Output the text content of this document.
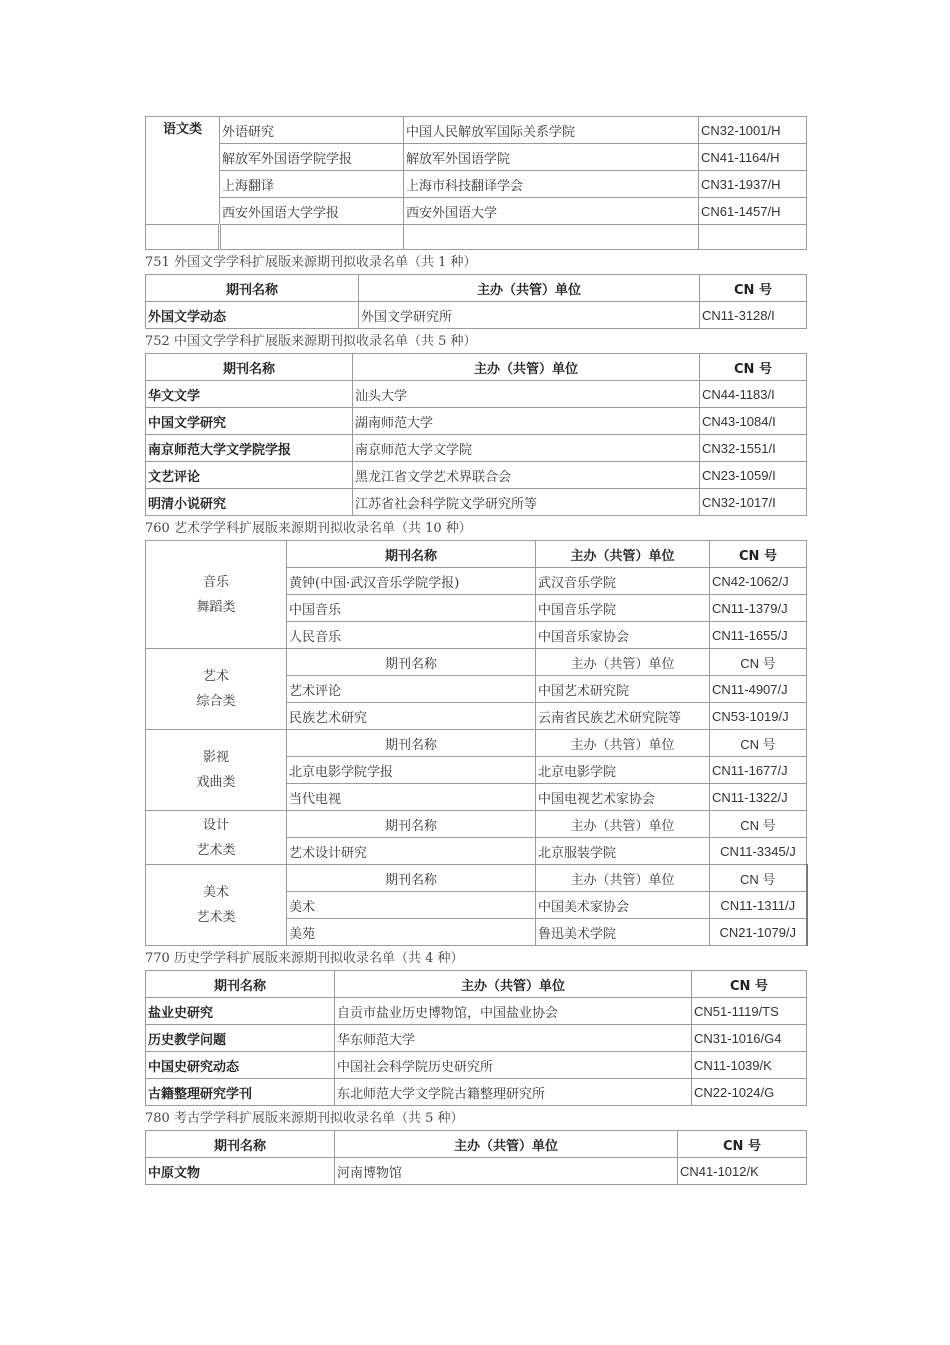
语文类	外语研究	中国人民解放军国际关系学院	CN32-1001/H
	解放军外国语学院学报	解放军外国语学院	CN41-1164/H
	上海翻译	上海市科技翻译学会	CN31-1937/H
	西安外国语大学学报	西安外国语大学	CN61-1457/H

751 外国文学学科扩展版来源期刊拟收录名单（共 1 种）
期刊名称	主办（共管）单位	CN 号
外国文学动态	外国文学研究所	CN11-3128/I
752 中国文学学科扩展版来源期刊拟收录名单（共 5 种）
期刊名称	主办（共管）单位	CN 号
华文文学	汕头大学	CN44-1183/I
中国文学研究	湖南师范大学	CN43-1084/I
南京师范大学文学院学报	南京师范大学文学院	CN32-1551/I
文艺评论	黑龙江省文学艺术界联合会	CN23-1059/I
明清小说研究	江苏省社会科学院文学研究所等	CN32-1017/I
760 艺术学学科扩展版来源期刊拟收录名单（共 10 种）
音乐
舞蹈类	期刊名称	主办（共管）单位	CN 号
	黄钟(中国·武汉音乐学院学报)	武汉音乐学院	CN42-1062/J
	中国音乐	中国音乐学院	CN11-1379/J
	人民音乐	中国音乐家协会	CN11-1655/J
艺术
综合类	期刊名称	主办（共管）单位	CN 号
	艺术评论	中国艺术研究院	CN11-4907/J
	民族艺术研究	云南省民族艺术研究院等	CN53-1019/J
影视
戏曲类	期刊名称	主办（共管）单位	CN 号
	北京电影学院学报	北京电影学院	CN11-1677/J
	当代电视	中国电视艺术家协会	CN11-1322/J
设计
艺术类	期刊名称	主办（共管）单位	CN 号
	艺术设计研究	北京服装学院	CN11-3345/J
美术
艺术类	期刊名称	主办（共管）单位	CN 号
	美术	中国美术家协会	CN11-1311/J
	美苑	鲁迅美术学院	CN21-1079/J
770 历史学学科扩展版来源期刊拟收录名单（共 4 种）
期刊名称	主办（共管）单位	CN 号
盐业史研究	自贡市盐业历史博物馆，中国盐业协会	CN51-1119/TS
历史教学问题	华东师范大学	CN31-1016/G4
中国史研究动态	中国社会科学院历史研究所	CN11-1039/K
古籍整理研究学刊	东北师范大学文学院古籍整理研究所	CN22-1024/G
780 考古学学科扩展版来源期刊拟收录名单（共 5 种）
期刊名称	主办（共管）单位	CN 号
中原文物	河南博物馆	CN41-1012/K
